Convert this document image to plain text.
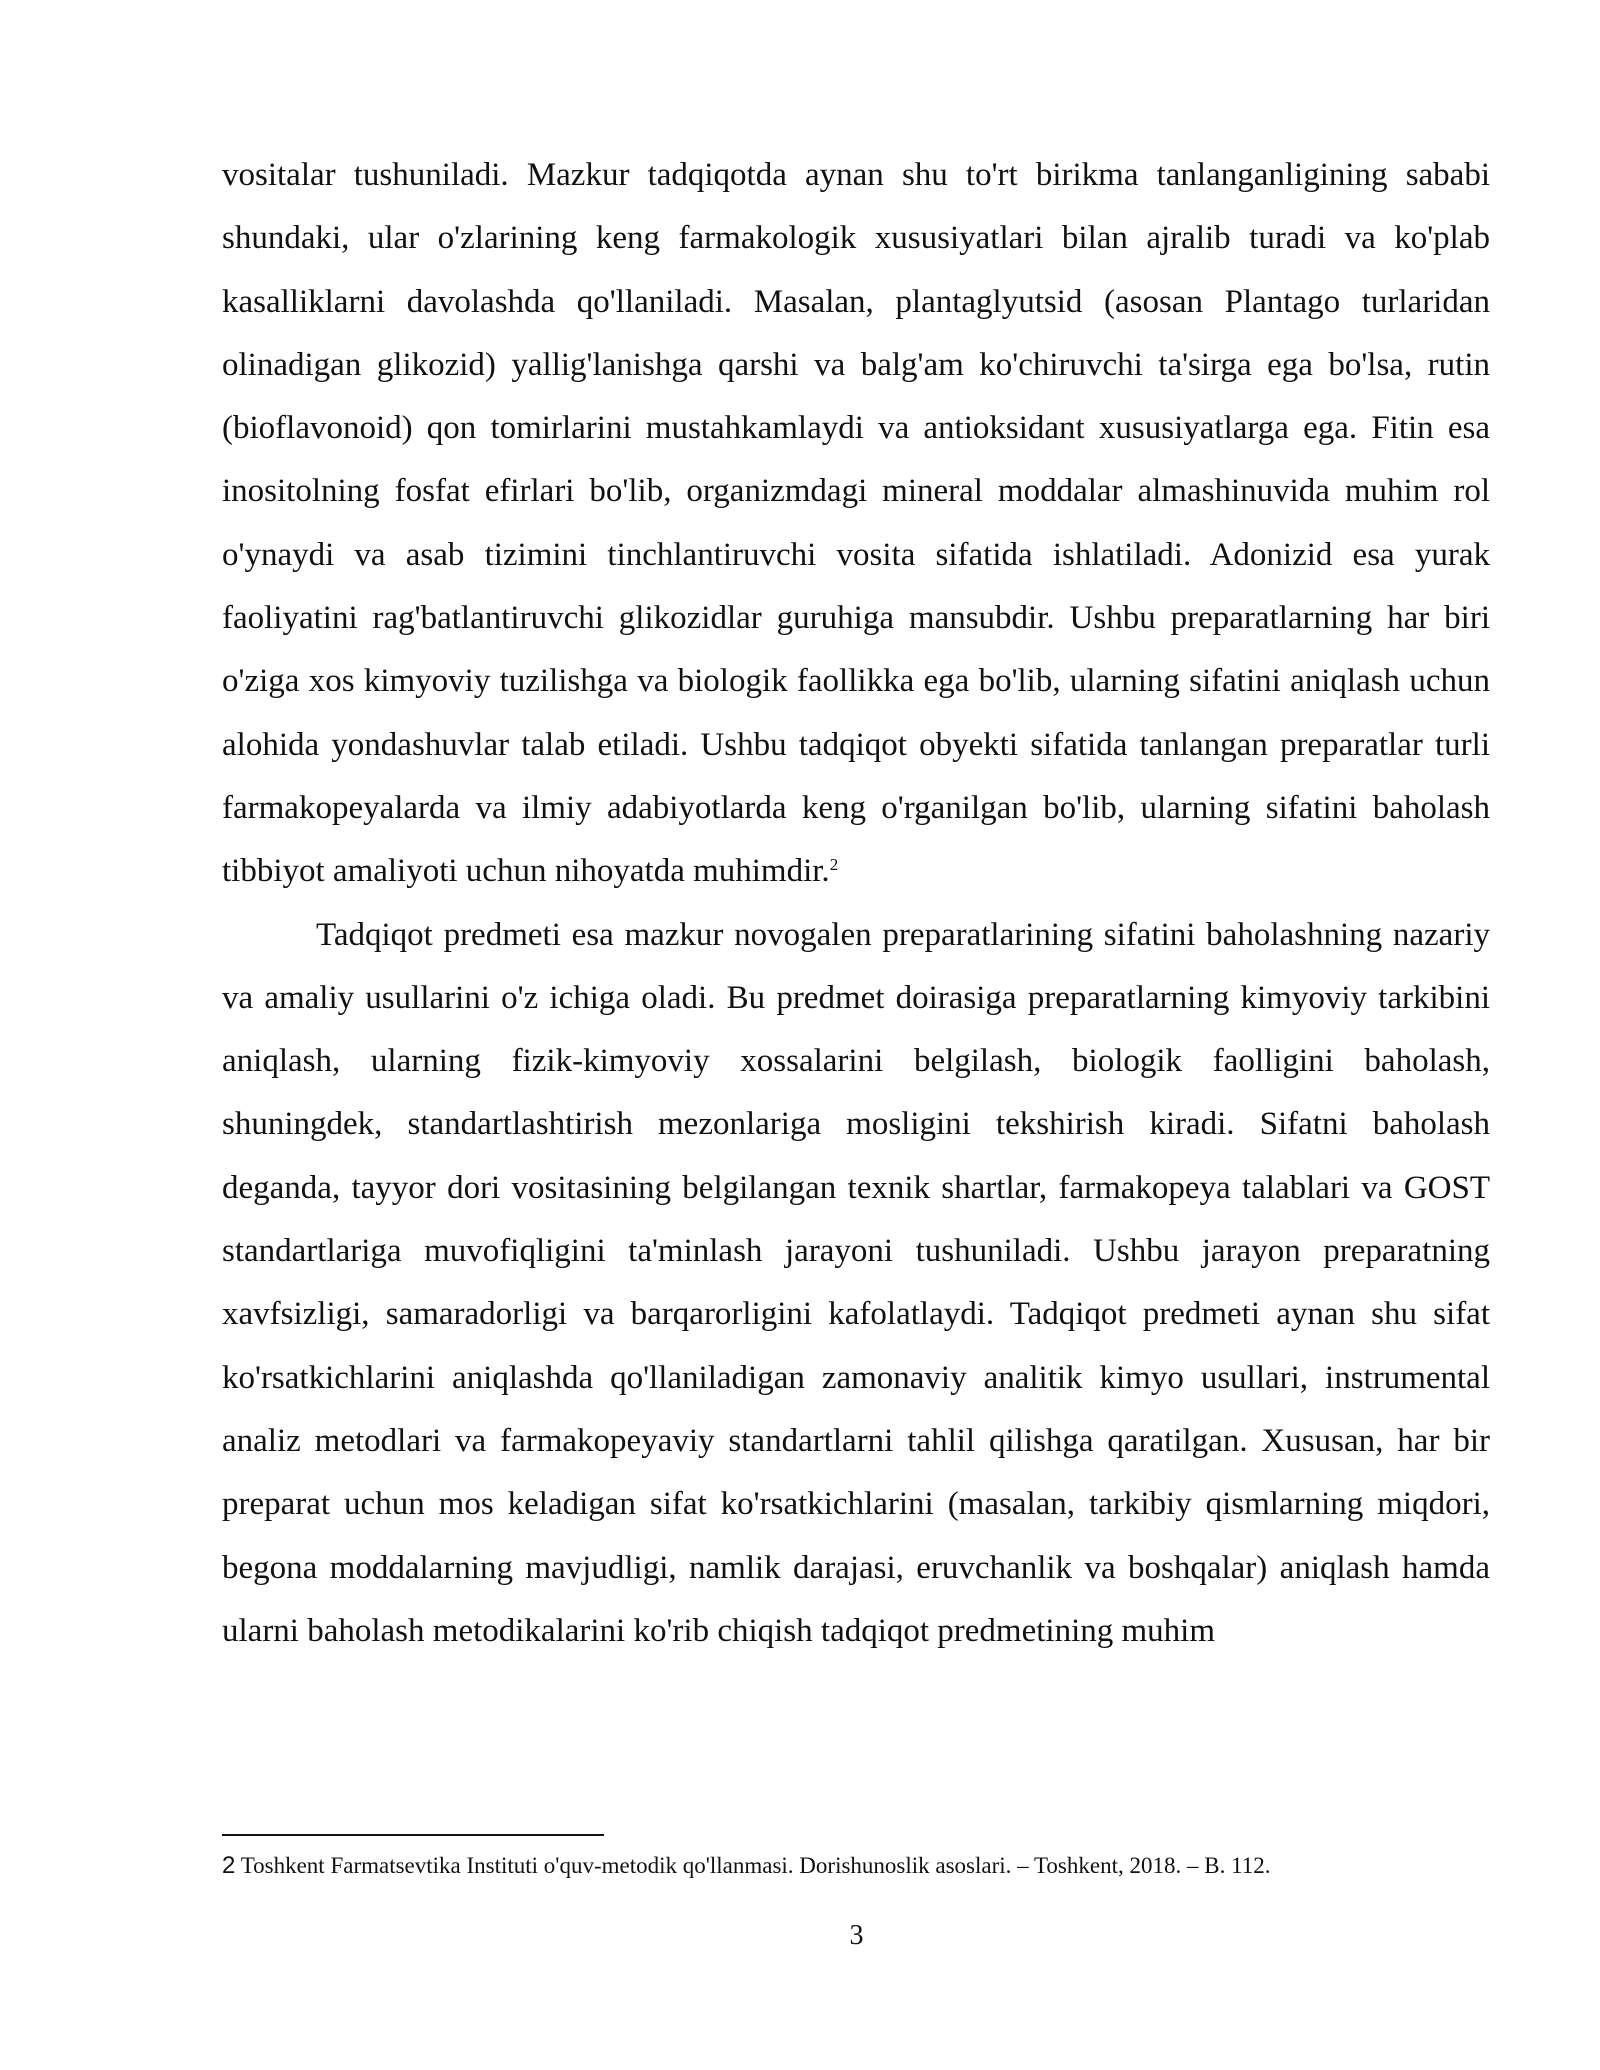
vositalar tushuniladi. Mazkur tadqiqotda aynan shu to'rt birikma tanlanganligining sababi shundaki, ular o'zlarining keng farmakologik xususiyatlari bilan ajralib turadi va ko'plab kasalliklarni davolashda qo'llaniladi. Masalan, plantaglyutsid (asosan Plantago turlaridan olinadigan glikozid) yallig'lanishga qarshi va balg'am ko'chiruvchi ta'sirga ega bo'lsa, rutin (bioflavonoid) qon tomirlarini mustahkamlaydi va antioksidant xususiyatlarga ega. Fitin esa inositolning fosfat efirlari bo'lib, organizmdagi mineral moddalar almashinuvida muhim rol o'ynaydi va asab tizimini tinchlantiruvchi vosita sifatida ishlatiladi. Adonizid esa yurak faoliyatini rag'batlantiruvchi glikozidlar guruhiga mansubdir. Ushbu preparatlarning har biri o'ziga xos kimyoviy tuzilishga va biologik faollikka ega bo'lib, ularning sifatini aniqlash uchun alohida yondashuvlar talab etiladi. Ushbu tadqiqot obyekti sifatida tanlangan preparatlar turli farmakopeyalarda va ilmiy adabiyotlarda keng o'rganilgan bo'lib, ularning sifatini baholash tibbiyot amaliyoti uchun nihoyatda muhimdir.$^2$

Tadqiqot predmeti esa mazkur novogalen preparatlarining sifatini baholashning nazariy va amaliy usullarini o'z ichiga oladi. Bu predmet doirasiga preparatlarning kimyoviy tarkibini aniqlash, ularning fizik-kimyoviy xossalarini belgilash, biologik faolligini baholash, shuningdek, standartlashtirish mezonlariga mosligini tekshirish kiradi. Sifatni baholash deganda, tayyor dori vositasining belgilangan texnik shartlar, farmakopeya talablari va GOST standartlariga muvofiqligini ta'minlash jarayoni tushuniladi. Ushbu jarayon preparatning xavfsizligi, samaradorligi va barqarorligini kafolatlaydi. Tadqiqot predmeti aynan shu sifat ko'rsatkichlarini aniqlashda qo'llaniladigan zamonaviy analitik kimyo usullari, instrumental analiz metodlari va farmakopeyaviy standartlarni tahlil qilishga qaratilgan. Xususan, har bir preparat uchun mos keladigan sifat ko'rsatkichlarini (masalan, tarkibiy qismlarning miqdori, begona moddalarning mavjudligi, namlik darajasi, eruvchanlik va boshqalar) aniqlash hamda ularni baholash metodikalarini ko'rib chiqish tadqiqot predmetining muhim

2 Toshkent Farmatsevtika Instituti o'quv-metodik qo'llanmasi. Dorishunoslik asoslari. – Toshkent, 2018. – B. 112.
3
